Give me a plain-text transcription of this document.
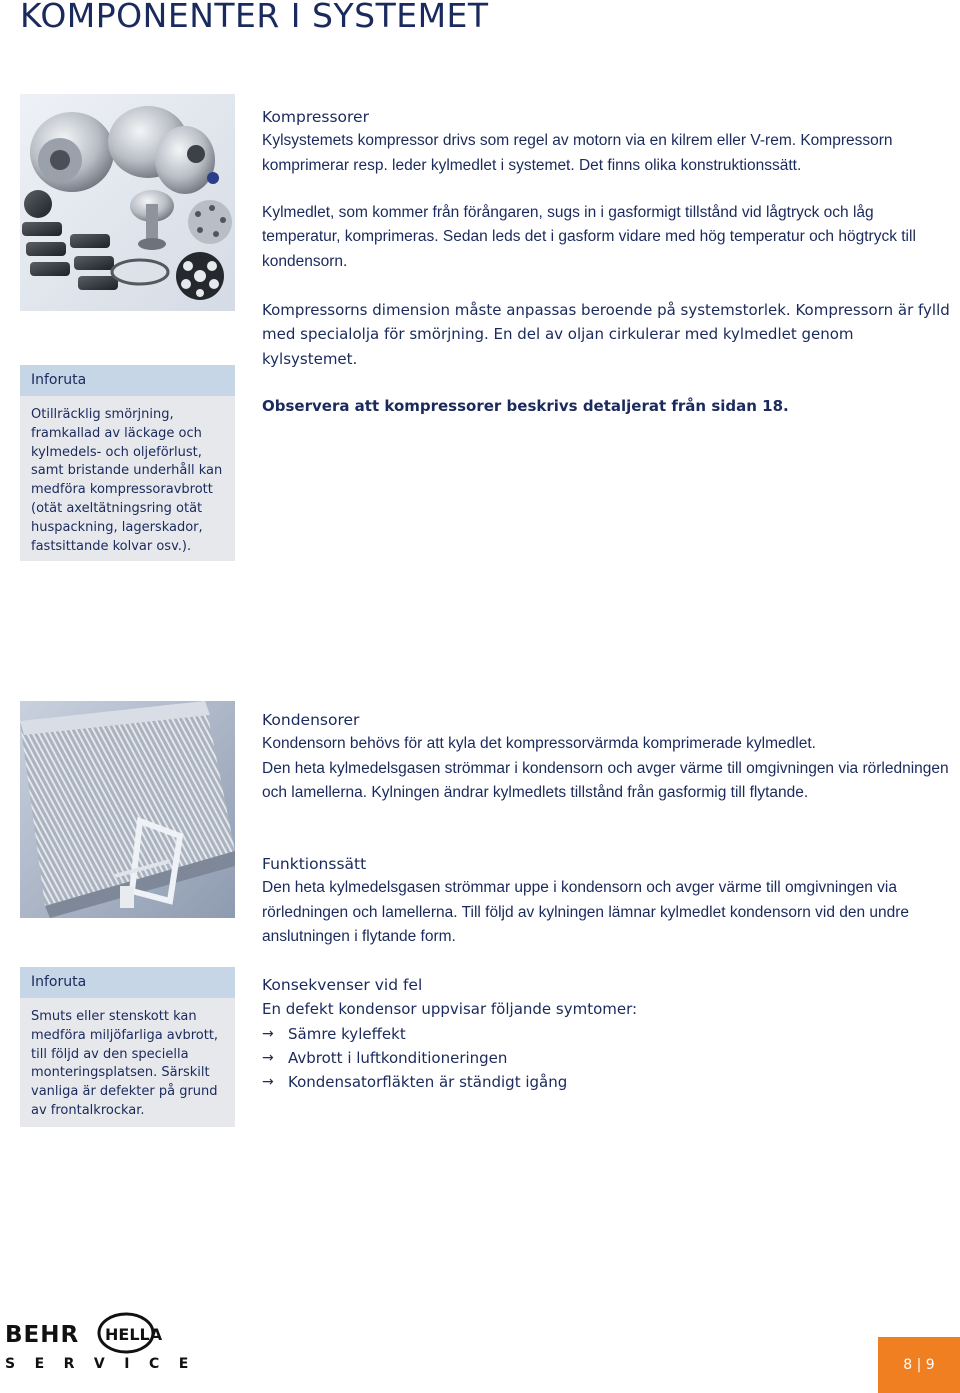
KOMPONENTER I SYSTEMET
Inforuta
Otillräcklig smörjning, framkallad av läckage och kylmedels- och oljeförlust, samt bristande underhåll kan medföra kompressoravbrott (otät axeltätningsring otät huspackning, lagerskador, fastsittande kolvar osv.).
Kompressorer

Kylsystemets kompressor drivs som regel av motorn via en kilrem eller V-rem. Kompressorn komprimerar resp. leder kylmedlet i systemet. Det finns olika konstruktionssätt.

Kylmedlet, som kommer från förångaren, sugs in i gasformigt tillstånd vid lågtryck och låg temperatur, komprimeras. Sedan leds det i gasform vidare med hög temperatur och högtryck till kondensorn.

Kompressorns dimension måste anpassas beroende på systemstorlek. Kompressorn är fylld med specialolja för smörjning. En del av oljan cirkulerar med kylmedlet genom kylsystemet.

Observera att kompressorer beskrivs detaljerat från sidan 18.

Kondensorer

Kondensorn behövs för att kyla det kompressorvärmda komprimerade kylmedlet.

Den heta kylmedelsgasen strömmar i kondensorn och avger värme till omgivningen via rörledningen och lamellerna. Kylningen ändrar kylmedlets tillstånd från gasformig till flytande.

Funktionssätt

Den heta kylmedelsgasen strömmar uppe i kondensorn och avger värme till omgivningen via rörledningen och lamellerna. Till följd av kylningen lämnar kylmedlet kondensorn vid den undre anslutningen i flytande form.

Inforuta
Smuts eller stenskott kan medföra miljöfarliga avbrott, till följd av den speciella monteringsplatsen. Särskilt vanliga är defekter på grund av frontalkrockar.
Konsekvenser vid fel

En defekt kondensor uppvisar följande symtomer:

→ Sämre kyleffekt
→ Avbrott i luftkonditioneringen
→ Kondensatorfläkten är ständigt igång
BEHR HELLA
SERVICE	8 | 9
